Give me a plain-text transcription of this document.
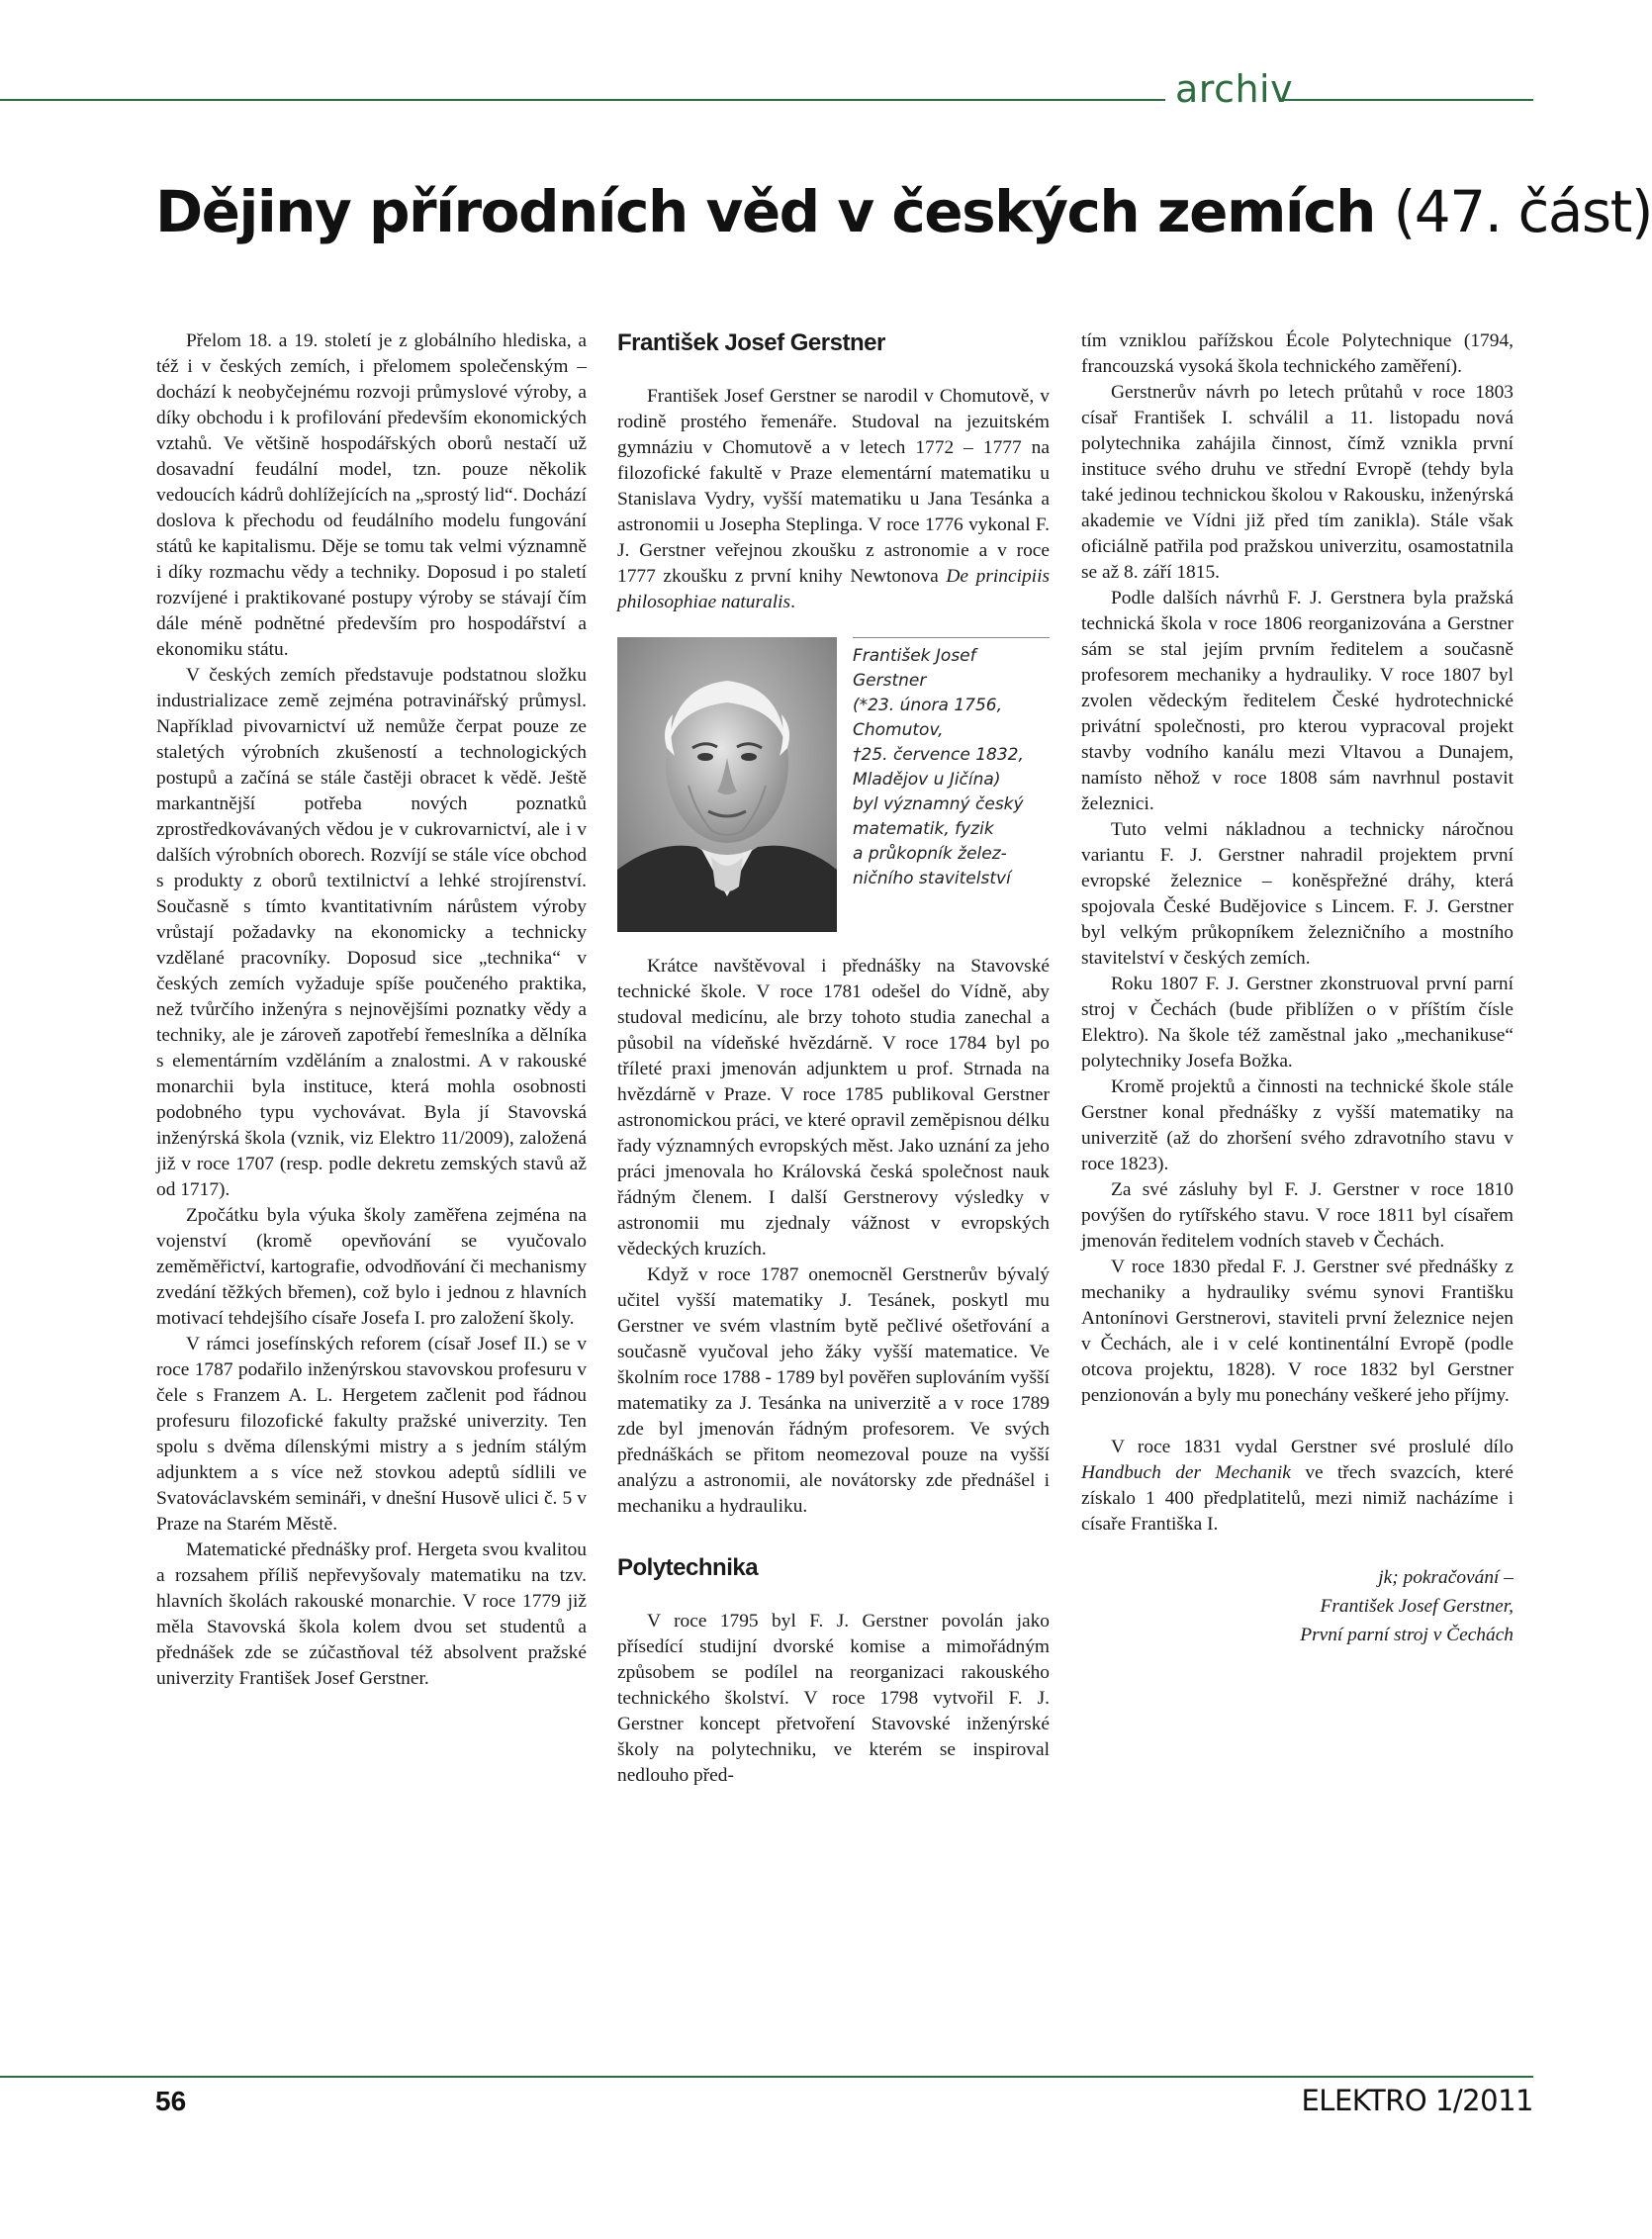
archiv
Dějiny přírodních věd v českých zemích (47. část)

Přelom 18. a 19. století je z globálního hlediska, a též i v českých zemích, i přelomem společenským – dochází k neobyčejnému rozvoji průmyslové výroby, a díky obchodu i k profilování především ekonomických vztahů. Ve většině hospodářských oborů nestačí už dosavadní feudální model, tzn. pouze několik vedoucích kádrů dohlížejících na „sprostý lid“. Dochází doslova k přechodu od feudálního modelu fungování států ke kapitalismu. Děje se tomu tak velmi významně i díky rozmachu vědy a techniky. Doposud i po staletí rozvíjené i praktikované postupy výroby se stávají čím dále méně podnětné především pro hospodářství a ekonomiku státu.

V českých zemích představuje podstatnou složku industrializace země zejména potravinářský průmysl. Například pivovarnictví už nemůže čerpat pouze ze staletých výrobních zkušeností a technologických postupů a začíná se stále častěji obracet k vědě. Ještě markantnější potřeba nových poznatků zprostředkovávaných vědou je v cukrovarnictví, ale i v dalších výrobních oborech. Rozvíjí se stále více obchod s produkty z oborů textilnictví a lehké strojírenství. Současně s tímto kvantitativním nárůstem výroby vrůstají požadavky na ekonomicky a technicky vzdělané pracovníky. Doposud sice „technika“ v českých zemích vyžaduje spíše poučeného praktika, než tvůrčího inženýra s nejnovějšími poznatky vědy a techniky, ale je zároveň zapotřebí řemeslníka a dělníka s elementárním vzděláním a znalostmi. A v rakouské monarchii byla instituce, která mohla osobnosti podobného typu vychovávat. Byla jí Stavovská inženýrská škola (vznik, viz Elektro 11/2009), založená již v roce 1707 (resp. podle dekretu zemských stavů až od 1717).

Zpočátku byla výuka školy zaměřena zejména na vojenství (kromě opevňování se vyučovalo zeměměřictví, kartografie, odvodňování či mechanismy zvedání těžkých břemen), což bylo i jednou z hlavních motivací tehdejšího císaře Josefa I. pro založení školy.

V rámci josefínských reforem (císař Josef II.) se v roce 1787 podařilo inženýrskou stavovskou profesuru v čele s Franzem A. L. Hergetem začlenit pod řádnou profesuru filozofické fakulty pražské univerzity. Ten spolu s dvěma dílenskými mistry a s jedním stálým adjunktem a s více než stovkou adeptů sídlili ve Svatováclavském semináři, v dnešní Husově ulici č. 5 v Praze na Starém Městě.

Matematické přednášky prof. Hergeta svou kvalitou a rozsahem příliš nepřevyšovaly matematiku na tzv. hlavních školách rakouské monarchie. V roce 1779 již měla Stavovská škola kolem dvou set studentů a přednášek zde se zúčastňoval též absolvent pražské univerzity František Josef Gerstner.

František Josef Gerstner

František Josef Gerstner se narodil v Chomutově, v rodině prostého řemenáře. Studoval na jezuitském gymnáziu v Chomutově a v letech 1772 – 1777 na filozofické fakultě v Praze elementární matematiku u Stanislava Vydry, vyšší matematiku u Jana Tesánka a astronomii u Josepha Steplinga. V roce 1776 vykonal F. J. Gerstner veřejnou zkoušku z astronomie a v roce 1777 zkoušku z první knihy Newtonova De principiis philosophiae naturalis.

František Josef
Gerstner
(*23. února 1756,
Chomutov,
†25. července 1832,
Mladějov u Jičína)
byl významný český
matematik, fyzik
a průkopník želez-
ničního stavitelství

Krátce navštěvoval i přednášky na Stavovské technické škole. V roce 1781 odešel do Vídně, aby studoval medicínu, ale brzy tohoto studia zanechal a působil na vídeňské hvězdárně. V roce 1784 byl po tříleté praxi jmenován adjunktem u prof. Strnada na hvězdárně v Praze. V roce 1785 publikoval Gerstner astronomickou práci, ve které opravil zeměpisnou délku řady významných evropských měst. Jako uznání za jeho práci jmenovala ho Královská česká společnost nauk řádným členem. I další Gerstnerovy výsledky v astronomii mu zjednaly vážnost v evropských vědeckých kruzích.

Když v roce 1787 onemocněl Gerstnerův bývalý učitel vyšší matematiky J. Tesánek, poskytl mu Gerstner ve svém vlastním bytě pečlivé ošetřování a současně vyučoval jeho žáky vyšší matematice. Ve školním roce 1788 - 1789 byl pověřen suplováním vyšší matematiky za J. Tesánka na univerzitě a v roce 1789 zde byl jmenován řádným profesorem. Ve svých přednáškách se přitom neomezoval pouze na vyšší analýzu a astronomii, ale novátorsky zde přednášel i mechaniku a hydrauliku.

Polytechnika

V roce 1795 byl F. J. Gerstner povolán jako přísedící studijní dvorské komise a mimořádným způsobem se podílel na reorganizaci rakouského technického školství. V roce 1798 vytvořil F. J. Gerstner koncept přetvoření Stavovské inženýrské školy na polytechniku, ve kterém se inspiroval nedlouho před-

tím vzniklou pařížskou École Polytechnique (1794, francouzská vysoká škola technického zaměření).

Gerstnerův návrh po letech průtahů v roce 1803 císař František I. schválil a 11. listopadu nová polytechnika zahájila činnost, čímž vznikla první instituce svého druhu ve střední Evropě (tehdy byla také jedinou technickou školou v Rakousku, inženýrská akademie ve Vídni již před tím zanikla). Stále však oficiálně patřila pod pražskou univerzitu, osamostatnila se až 8. září 1815.

Podle dalších návrhů F. J. Gerstnera byla pražská technická škola v roce 1806 reorganizována a Gerstner sám se stal jejím prvním ředitelem a současně profesorem mechaniky a hydrauliky. V roce 1807 byl zvolen vědeckým ředitelem České hydrotechnické privátní společnosti, pro kterou vypracoval projekt stavby vodního kanálu mezi Vltavou a Dunajem, namísto něhož v roce 1808 sám navrhnul postavit železnici.

Tuto velmi nákladnou a technicky náročnou variantu F. J. Gerstner nahradil projektem první evropské železnice – koněspřežné dráhy, která spojovala České Budějovice s Lincem. F. J. Gerstner byl velkým průkopníkem železničního a mostního stavitelství v českých zemích.

Roku 1807 F. J. Gerstner zkonstruoval první parní stroj v Čechách (bude přiblížen o v příštím čísle Elektro). Na škole též zaměstnal jako „mechanikuse“ polytechniky Josefa Božka.

Kromě projektů a činnosti na technické škole stále Gerstner konal přednášky z vyšší matematiky na univerzitě (až do zhoršení svého zdravotního stavu v roce 1823).

Za své zásluhy byl F. J. Gerstner v roce 1810 povýšen do rytířského stavu. V roce 1811 byl císařem jmenován ředitelem vodních staveb v Čechách.

V roce 1830 předal F. J. Gerstner své přednášky z mechaniky a hydrauliky svému synovi Františku Antonínovi Gerstnerovi, staviteli první železnice nejen v Čechách, ale i v celé kontinentální Evropě (podle otcova projektu, 1828). V roce 1832 byl Gerstner penzionován a byly mu ponechány veškeré jeho příjmy.

V roce 1831 vydal Gerstner své proslulé dílo Handbuch der Mechanik ve třech svazcích, které získalo 1 400 předplatitelů, mezi nimiž nacházíme i císaře Františka I.

jk; pokračování –
František Josef Gerstner,
První parní stroj v Čechách
56	ELEKTRO 1/2011
